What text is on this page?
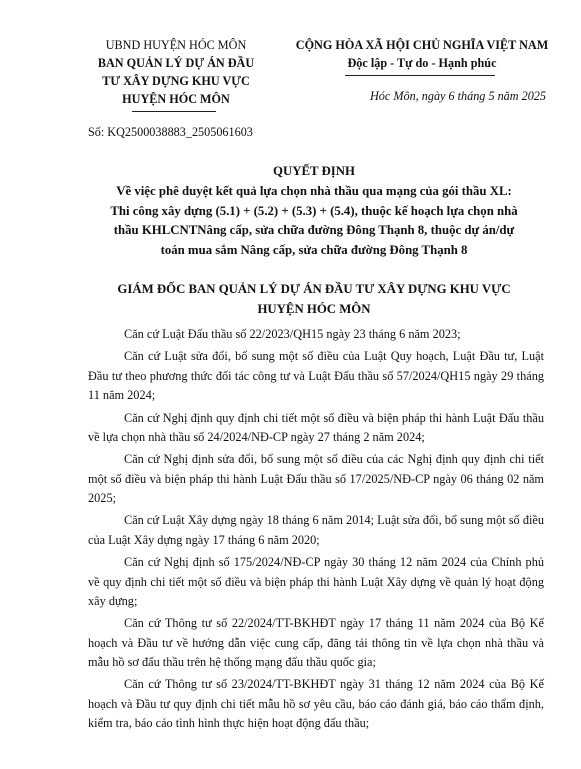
UBND HUYỆN HÓC MÔN
BAN QUẢN LÝ DỰ ÁN ĐẦU
TƯ XÂY DỰNG KHU VỰC
HUYỆN HÓC MÔN
CỘNG HÒA XÃ HỘI CHỦ NGHĨA VIỆT NAM
Độc lập - Tự do - Hạnh phúc
Hóc Môn, ngày 6 tháng 5 năm 2025
Số: KQ2500038883_2505061603
QUYẾT ĐỊNH
Về việc phê duyệt kết quả lựa chọn nhà thầu qua mạng của gói thầu XL:
Thi công xây dựng (5.1) + (5.2) + (5.3) + (5.4), thuộc kế hoạch lựa chọn nhà
thầu KHLCNTNâng cấp, sửa chữa đường Đông Thạnh 8, thuộc dự án/dự
toán mua sắm Nâng cấp, sửa chữa đường Đông Thạnh 8
GIÁM ĐỐC BAN QUẢN LÝ DỰ ÁN ĐẦU TƯ XÂY DỰNG KHU VỰC
HUYỆN HÓC MÔN

Căn cứ Luật Đấu thầu số 22/2023/QH15 ngày 23 tháng 6 năm 2023;

Căn cứ Luật sửa đổi, bổ sung một số điều của Luật Quy hoạch, Luật Đầu tư, Luật Đầu tư theo phương thức đối tác công tư và Luật Đấu thầu số 57/2024/QH15 ngày 29 tháng 11 năm 2024;

Căn cứ Nghị định quy định chi tiết một số điều và biện pháp thi hành Luật Đấu thầu về lựa chọn nhà thầu số 24/2024/NĐ-CP ngày 27 tháng 2 năm 2024;

Căn cứ Nghị định sửa đổi, bổ sung một số điều của các Nghị định quy định chi tiết một số điều và biện pháp thi hành Luật Đấu thầu số 17/2025/NĐ-CP ngày 06 tháng 02 năm 2025;

Căn cứ Luật Xây dựng ngày 18 tháng 6 năm 2014; Luật sửa đổi, bổ sung một số điều của Luật Xây dựng ngày 17 tháng 6 năm 2020;

Căn cứ Nghị định số 175/2024/NĐ-CP ngày 30 tháng 12 năm 2024 của Chính phủ về quy định chi tiết một số điều và biện pháp thi hành Luật Xây dựng về quản lý hoạt động xây dựng;

Căn cứ Thông tư số 22/2024/TT-BKHĐT ngày 17 tháng 11 năm 2024 của Bộ Kế hoạch và Đầu tư về hướng dẫn việc cung cấp, đăng tải thông tin về lựa chọn nhà thầu và mẫu hồ sơ đấu thầu trên hệ thống mạng đấu thầu quốc gia;

Căn cứ Thông tư số 23/2024/TT-BKHĐT ngày 31 tháng 12 năm 2024 của Bộ Kế hoạch và Đầu tư quy định chi tiết mẫu hồ sơ yêu cầu, báo cáo đánh giá, báo cáo thẩm định, kiểm tra, báo cáo tình hình thực hiện hoạt động đấu thầu;
